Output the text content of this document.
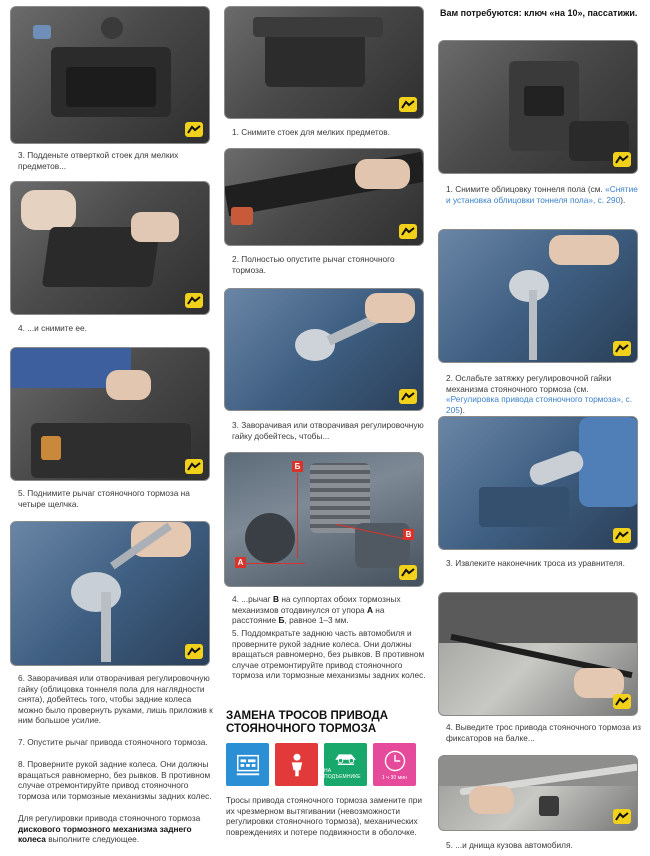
3. Подденьте отверткой стоек для мелких предметов...
4. ...и снимите ее.
5. Поднимите рычаг стояночного тормоза на четыре щелчка.
6. Заворачивая или отворачивая регулировочную гайку (облицовка тоннеля пола для наглядности снята), добейтесь того, чтобы задние колеса можно было провернуть руками, лишь приложив к ним большое усилие.
7. Опустите рычаг привода стояночного тормоза.
8. Проверните рукой задние колеса. Они должны вращаться равномерно, без рывков. В противном случае отремонтируйте привод стояночного тормоза или тормозные механизмы задних колес.
Для регулировки привода стояночного тормоза дискового тормозного механизма заднего колеса выполните следующее.
1. Снимите стоек для мелких предметов.
2. Полностью опустите рычаг стояночного тормоза.
3. Заворачивая или отворачивая регулировочную гайку добейтесь, чтобы...
Б
В
А
4. ...рычаг В на суппортах обоих тормозных механизмов отодвинулся от упора А на расстояние Б, равное 1–3 мм.
5. Поддомкратьте заднюю часть автомобиля и проверните рукой задние колеса. Они должны вращаться равномерно, без рывков. В противном случае отремонтируйте привод стояночного тормоза или тормозные механизмы задних колес.
ЗАМЕНА ТРОСОВ ПРИВОДА СТОЯНОЧНОГО ТОРМОЗА
НА ПОДЪЕМНИКЕ	1 ч 30 мин
Тросы привода стояночного тормоза замените при их чрезмерном вытягивании (невозможности регулировки стояночного тормоза), механических повреждениях и потере подвижности в оболочке.
Вам потребуются: ключ «на 10», пассатижи.
1. Снимите облицовку тоннеля пола (см. «Снятие и установка облицовки тоннеля пола», с. 290).
2. Ослабьте затяжку регулировочной гайки механизма стояночного тормоза (см. «Регулировка привода стояночного тормоза», с. 205).
3. Извлеките наконечник троса из уравнителя.
4. Выведите трос привода стояночного тормоза из фиксаторов на балке...
5. ...и днища кузова автомобиля.
